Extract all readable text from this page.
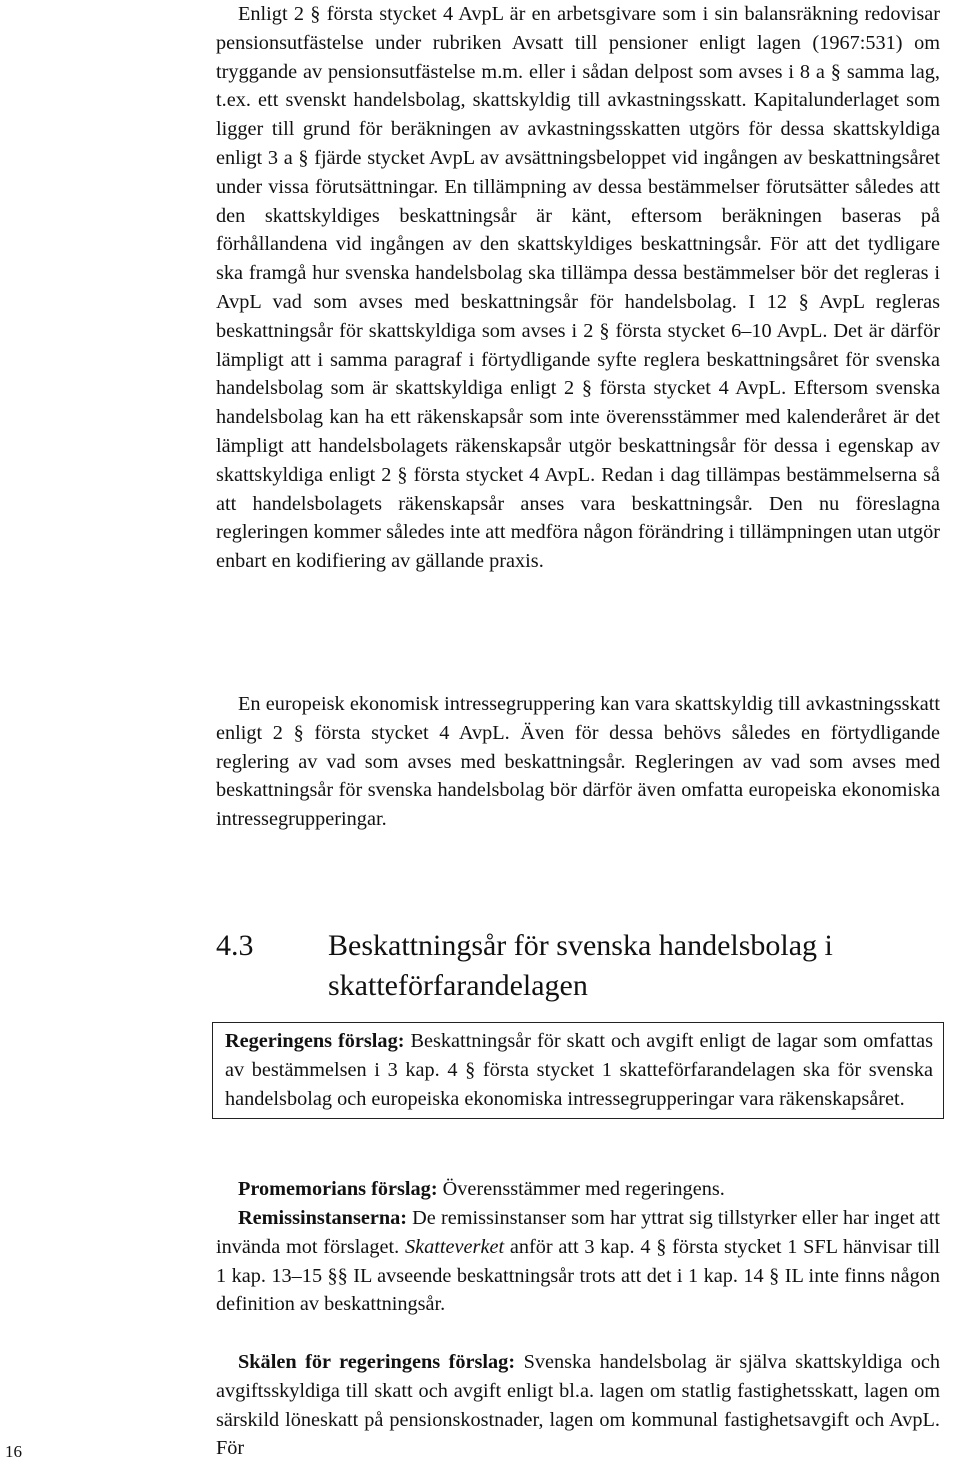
Enligt 2 § första stycket 4 AvpL är en arbetsgivare som i sin balansräkning redovisar pensionsutfästelse under rubriken Avsatt till pensioner enligt lagen (1967:531) om tryggande av pensionsutfästelse m.m. eller i sådan delpost som avses i 8 a § samma lag, t.ex. ett svenskt handelsbolag, skattskyldig till avkastningsskatt. Kapitalunderlaget som ligger till grund för beräkningen av avkastningsskatten utgörs för dessa skattskyldiga enligt 3 a § fjärde stycket AvpL av avsättningsbeloppet vid ingången av beskattningsåret under vissa förutsättningar. En tillämpning av dessa bestämmelser förutsätter således att den skattskyldiges beskattningsår är känt, eftersom beräkningen baseras på förhållandena vid ingången av den skattskyldiges beskattningsår. För att det tydligare ska framgå hur svenska handelsbolag ska tillämpa dessa bestämmelser bör det regleras i AvpL vad som avses med beskattningsår för handelsbolag. I 12 § AvpL regleras beskattningsår för skattskyldiga som avses i 2 § första stycket 6–10 AvpL. Det är därför lämpligt att i samma paragraf i förtydligande syfte reglera beskattningsåret för svenska handelsbolag som är skattskyldiga enligt 2 § första stycket 4 AvpL. Eftersom svenska handelsbolag kan ha ett räkenskapsår som inte överensstämmer med kalenderåret är det lämpligt att handelsbolagets räkenskapsår utgör beskattningsår för dessa i egenskap av skattskyldiga enligt 2 § första stycket 4 AvpL. Redan i dag tillämpas bestämmelserna så att handelsbolagets räkenskapsår anses vara beskattningsår. Den nu föreslagna regleringen kommer således inte att medföra någon förändring i tillämpningen utan utgör enbart en kodifiering av gällande praxis.

En europeisk ekonomisk intressegruppering kan vara skattskyldig till avkastningsskatt enligt 2 § första stycket 4 AvpL. Även för dessa behövs således en förtydligande reglering av vad som avses med beskattningsår. Regleringen av vad som avses med beskattningsår för svenska handelsbolag bör därför även omfatta europeiska ekonomiska intressegrupperingar.

4.3	Beskattningsår för svenska handelsbolag i skatteförfarandelagen

Regeringens förslag: Beskattningsår för skatt och avgift enligt de lagar som omfattas av bestämmelsen i 3 kap. 4 § första stycket 1 skatteförfarandelagen ska för svenska handelsbolag och europeiska ekonomiska intressegrupperingar vara räkenskapsåret.

Promemorians förslag: Överensstämmer med regeringens.

Remissinstanserna: De remissinstanser som har yttrat sig tillstyrker eller har inget att invända mot förslaget. Skatteverket anför att 3 kap. 4 § första stycket 1 SFL hänvisar till 1 kap. 13–15 §§ IL avseende beskattningsår trots att det i 1 kap. 14 § IL inte finns någon definition av beskattningsår.

Skälen för regeringens förslag: Svenska handelsbolag är själva skattskyldiga och avgiftsskyldiga till skatt och avgift enligt bl.a. lagen om statlig fastighetsskatt, lagen om särskild löneskatt på pensionskostnader, lagen om kommunal fastighetsavgift och AvpL. För

16
